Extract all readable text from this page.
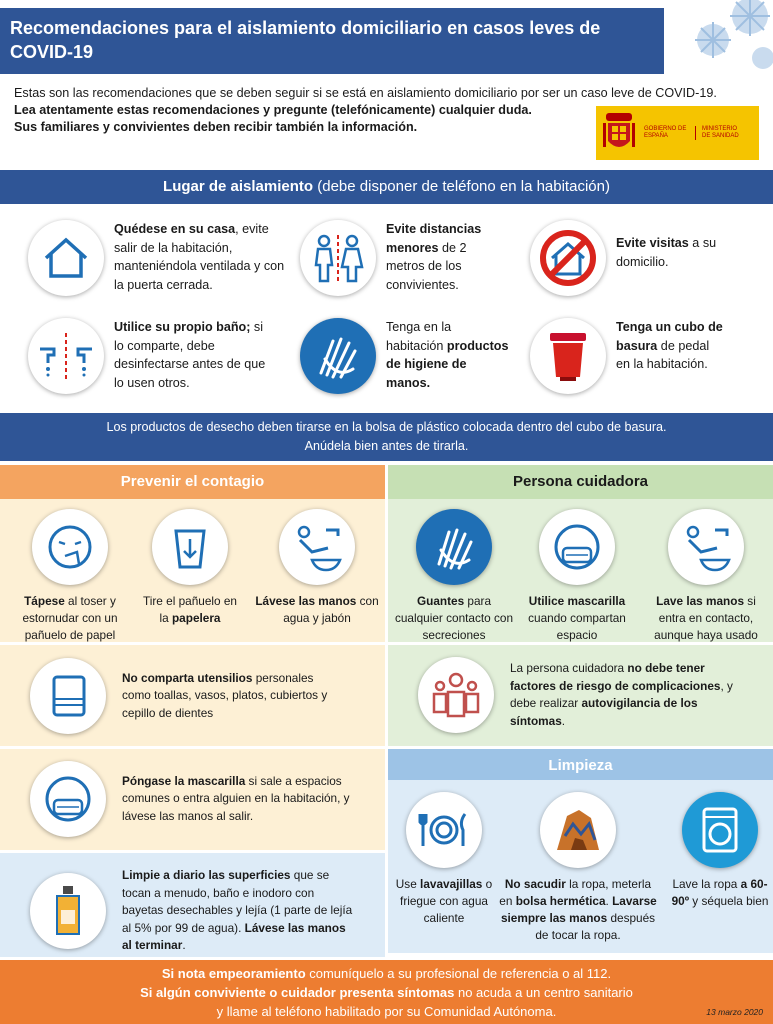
Recomendaciones para el aislamiento domiciliario en casos leves de COVID-19
Estas son las recomendaciones que se deben seguir si se está en aislamiento domiciliario por ser un caso leve de COVID-19.
Lea atentamente estas recomendaciones y pregunte (telefónicamente) cualquier duda.
Sus familiares y convivientes deben recibir también la información.	GOBIERNO DE ESPAÑA
MINISTERIO DE SANIDAD
Lugar de aislamiento (debe disponer de teléfono en la habitación)
Quédese en su casa, evite salir de la habitación, manteniéndola ventilada y con la puerta cerrada.
Evite distancias menores de 2 metros de los convivientes.
Evite visitas a su domicilio.
Utilice su propio baño; si lo comparte, debe desinfectarse antes de que lo usen otros.
Tenga en la habitación productos de higiene de manos.
Tenga un cubo de basura de pedal en la habitación.
Los productos de desecho deben tirarse en la bolsa de plástico colocada dentro del cubo de basura.
Anúdela bien antes de tirarla.
Prevenir el contagio
Tápese al toser y estornudar con un pañuelo de papel
Tire el pañuelo en la papelera
Lávese las manos con agua y jabón
No comparta utensilios personales como toallas, vasos, platos, cubiertos y cepillo de dientes
Póngase la mascarilla si sale a espacios comunes o entra alguien en la habitación, y lávese las manos al salir.
Limpie a diario las superficies que se tocan a menudo, baño e inodoro con bayetas desechables y lejía (1 parte de lejía al 5% por 99 de agua). Lávese las manos al terminar.
Persona cuidadora
Guantes para cualquier contacto con secreciones
Utilice mascarilla cuando compartan espacio
Lave las manos si entra en contacto, aunque haya usado
La persona cuidadora no debe tener factores de riesgo de complicaciones, y debe realizar autovigilancia de los síntomas.
Limpieza
Use lavavajillas o friegue con agua caliente
No sacudir la ropa, meterla en bolsa hermética. Lavarse siempre las manos después de tocar la ropa.
Lave la ropa a 60-90º y séquela bien
Si nota empeoramiento comuníquelo a su profesional de referencia o al 112.
Si algún conviviente o cuidador presenta síntomas no acuda a un centro sanitario
y llame al teléfono habilitado por su Comunidad Autónoma.	13 marzo 2020
